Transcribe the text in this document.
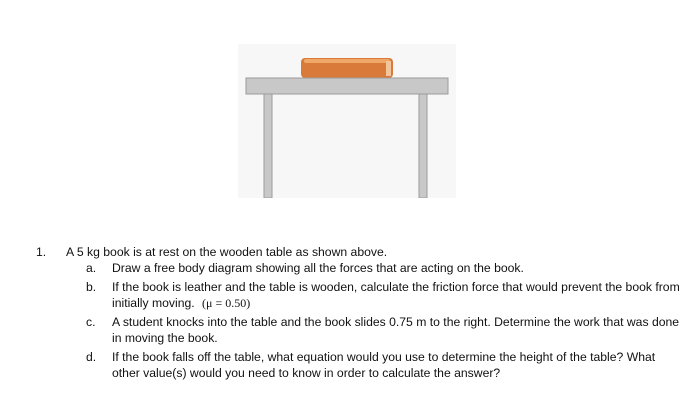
1.	A 5 kg book is at rest on the wooden table as shown above.
a.	Draw a free body diagram showing all the forces that are acting on the book.
b.	If the book is leather and the table is wooden, calculate the friction force that would prevent the book from initially moving. (μ = 0.50)
c.	A student knocks into the table and the book slides 0.75 m to the right. Determine the work that was done in moving the book.
d.	If the book falls off the table, what equation would you use to determine the height of the table? What other value(s) would you need to know in order to calculate the answer?
